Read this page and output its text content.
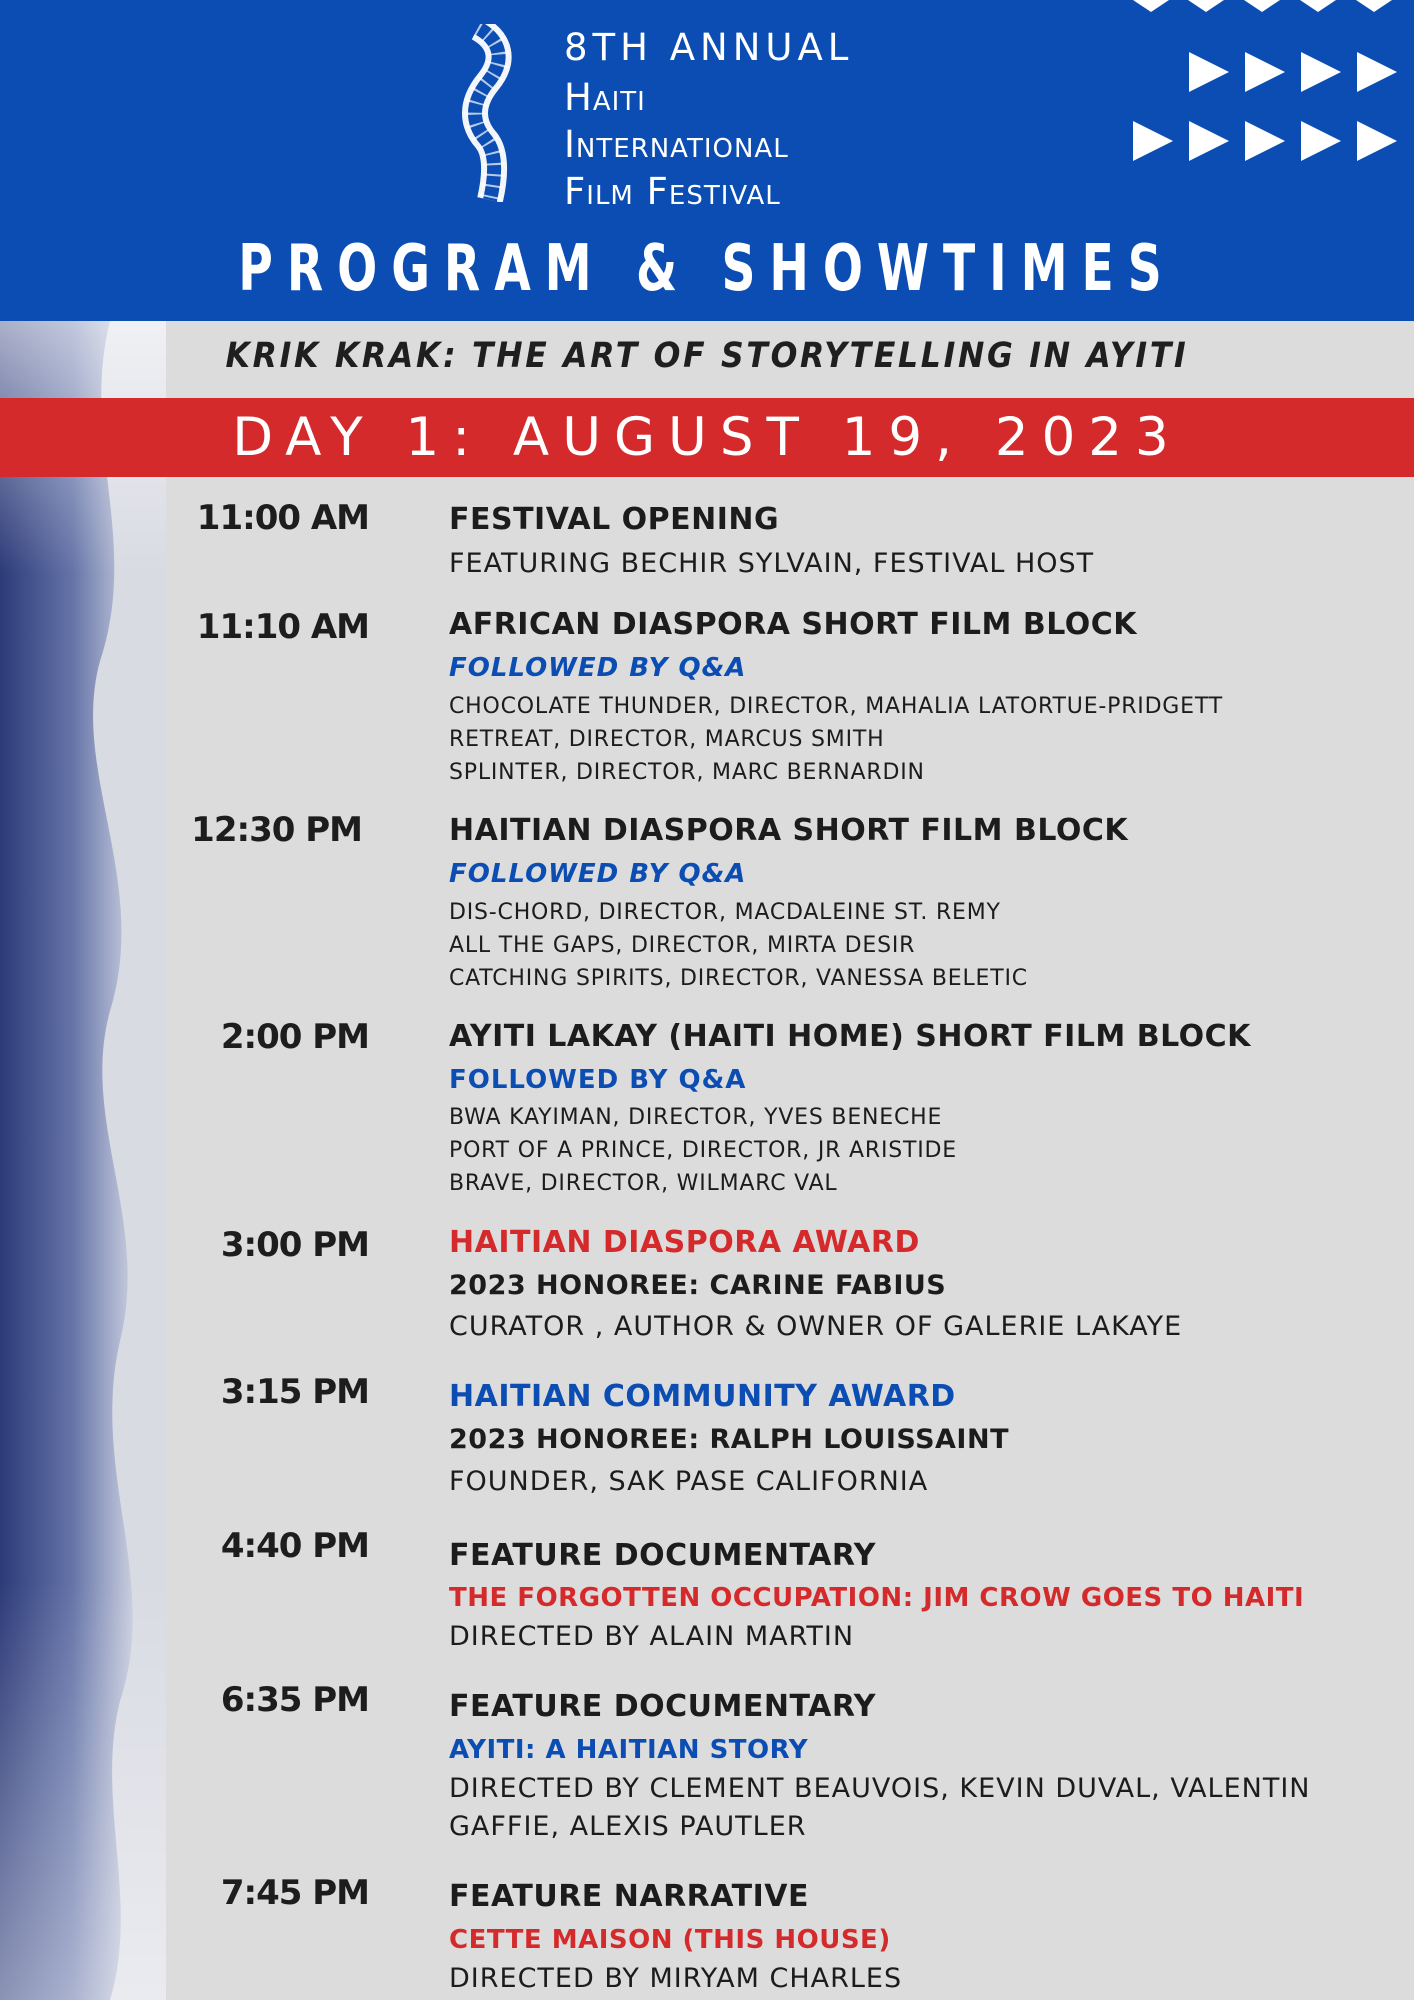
8TH ANNUAL
Haiti
International
Film Festival
PROGRAM & SHOWTIMES
KRIK KRAK: THE ART OF STORYTELLING IN AYITI
DAY 1: AUGUST 19, 2023
11:00 AM	FESTIVAL OPENING
FEATURING BECHIR SYLVAIN, FESTIVAL HOST
11:10 AM	AFRICAN DIASPORA SHORT FILM BLOCK
FOLLOWED BY Q&A
CHOCOLATE THUNDER, DIRECTOR, MAHALIA LATORTUE-PRIDGETT
RETREAT, DIRECTOR, MARCUS SMITH
SPLINTER, DIRECTOR, MARC BERNARDIN
12:30 PM	HAITIAN DIASPORA SHORT FILM BLOCK
FOLLOWED BY Q&A
DIS-CHORD, DIRECTOR, MACDALEINE ST. REMY
ALL THE GAPS, DIRECTOR, MIRTA DESIR
CATCHING SPIRITS, DIRECTOR, VANESSA BELETIC
2:00 PM	AYITI LAKAY (HAITI HOME) SHORT FILM BLOCK
FOLLOWED BY Q&A
BWA KAYIMAN, DIRECTOR, YVES BENECHE
PORT OF A PRINCE, DIRECTOR, JR ARISTIDE
BRAVE, DIRECTOR, WILMARC VAL
3:00 PM	HAITIAN DIASPORA AWARD
2023 HONOREE: CARINE FABIUS
CURATOR , AUTHOR & OWNER OF GALERIE LAKAYE
3:15 PM	HAITIAN COMMUNITY AWARD
2023 HONOREE: RALPH LOUISSAINT
FOUNDER, SAK PASE CALIFORNIA
4:40 PM	FEATURE DOCUMENTARY
THE FORGOTTEN OCCUPATION: JIM CROW GOES TO HAITI
DIRECTED BY ALAIN MARTIN
6:35 PM	FEATURE DOCUMENTARY
AYITI: A HAITIAN STORY
DIRECTED BY CLEMENT BEAUVOIS, KEVIN DUVAL, VALENTIN
GAFFIE, ALEXIS PAUTLER
7:45 PM	FEATURE NARRATIVE
CETTE MAISON (THIS HOUSE)
DIRECTED BY MIRYAM CHARLES
